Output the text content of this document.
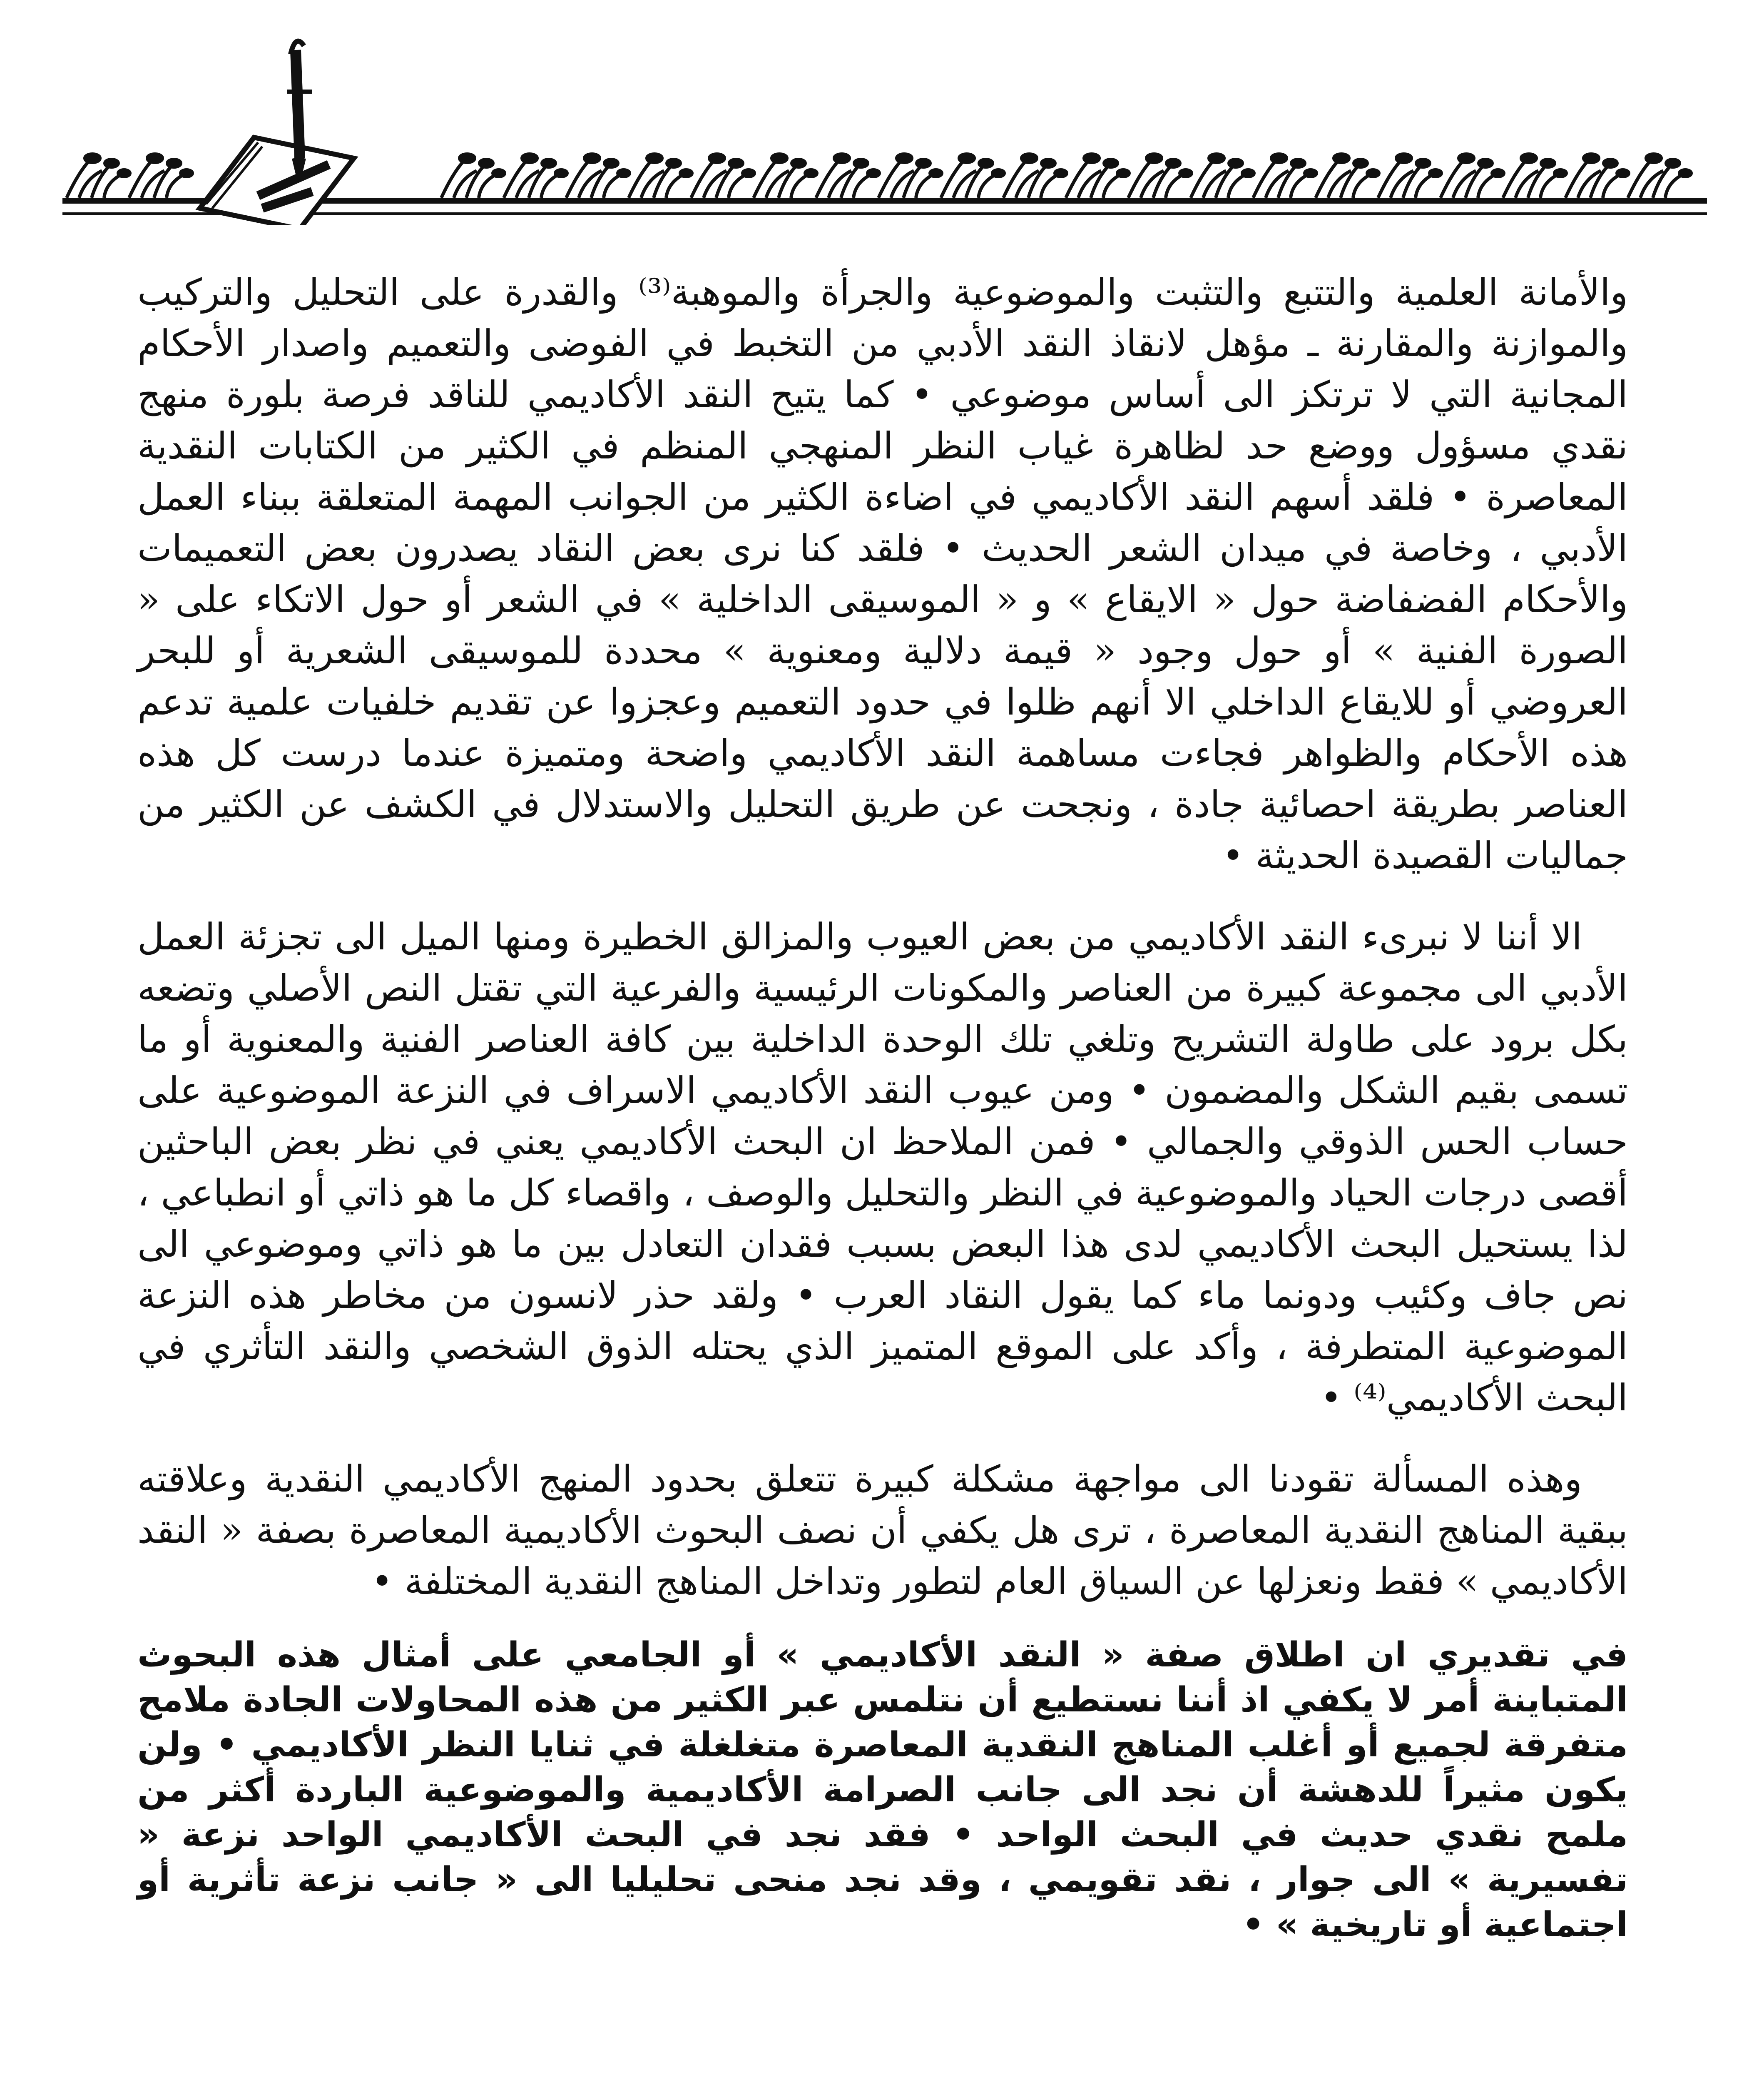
والأمانة العلمية والتتبع والتثبت والموضوعية والجرأة والموهبة⁽³⁾ والقدرة على التحليل والتركيب والموازنة والمقارنة ـ مؤهل لانقاذ النقد الأدبي من التخبط في الفوضى والتعميم واصدار الأحكام المجانية التي لا ترتكز الى أساس موضوعي • كما يتيح النقد الأكاديمي للناقد فرصة بلورة منهج نقدي مسؤول ووضع حد لظاهرة غياب النظر المنهجي المنظم في الكثير من الكتابات النقدية المعاصرة • فلقد أسهم النقد الأكاديمي في اضاءة الكثير من الجوانب المهمة المتعلقة ببناء العمل الأدبي ، وخاصة في ميدان الشعر الحديث • فلقد كنا نرى بعض النقاد يصدرون بعض التعميمات والأحكام الفضفاضة حول « الايقاع » و « الموسيقى الداخلية » في الشعر أو حول الاتكاء على « الصورة الفنية » أو حول وجود « قيمة دلالية ومعنوية » محددة للموسيقى الشعرية أو للبحر العروضي أو للايقاع الداخلي الا أنهم ظلوا في حدود التعميم وعجزوا عن تقديم خلفيات علمية تدعم هذه الأحكام والظواهر فجاءت مساهمة النقد الأكاديمي واضحة ومتميزة عندما درست كل هذه العناصر بطريقة احصائية جادة ، ونجحت عن طريق التحليل والاستدلال في الكشف عن الكثير من جماليات القصيدة الحديثة •

الا أننا لا نبرىء النقد الأكاديمي من بعض العيوب والمزالق الخطيرة ومنها الميل الى تجزئة العمل الأدبي الى مجموعة كبيرة من العناصر والمكونات الرئيسية والفرعية التي تقتل النص الأصلي وتضعه بكل برود على طاولة التشريح وتلغي تلك الوحدة الداخلية بين كافة العناصر الفنية والمعنوية أو ما تسمى بقيم الشكل والمضمون • ومن عيوب النقد الأكاديمي الاسراف في النزعة الموضوعية على حساب الحس الذوقي والجمالي • فمن الملاحظ ان البحث الأكاديمي يعني في نظر بعض الباحثين أقصى درجات الحياد والموضوعية في النظر والتحليل والوصف ، واقصاء كل ما هو ذاتي أو انطباعي ، لذا يستحيل البحث الأكاديمي لدى هذا البعض بسبب فقدان التعادل بين ما هو ذاتي وموضوعي الى نص جاف وكئيب ودونما ماء كما يقول النقاد العرب • ولقد حذر لانسون من مخاطر هذه النزعة الموضوعية المتطرفة ، وأكد على الموقع المتميز الذي يحتله الذوق الشخصي والنقد التأثري في البحث الأكاديمي⁽⁴⁾ •

وهذه المسألة تقودنا الى مواجهة مشكلة كبيرة تتعلق بحدود المنهج الأكاديمي النقدية وعلاقته ببقية المناهج النقدية المعاصرة ، ترى هل يكفي أن نصف البحوث الأكاديمية المعاصرة بصفة « النقد الأكاديمي » فقط ونعزلها عن السياق العام لتطور وتداخل المناهج النقدية المختلفة •

في تقديري ان اطلاق صفة « النقد الأكاديمي » أو الجامعي على أمثال هذه البحوث المتباينة أمر لا يكفي اذ أننا نستطيع أن نتلمس عبر الكثير من هذه المحاولات الجادة ملامح متفرقة لجميع أو أغلب المناهج النقدية المعاصرة متغلغلة في ثنايا النظر الأكاديمي • ولن يكون مثيراً للدهشة أن نجد الى جانب الصرامة الأكاديمية والموضوعية الباردة أكثر من ملمح نقدي حديث في البحث الواحد • فقد نجد في البحث الأكاديمي الواحد نزعة « تفسيرية » الى جوار ، نقد تقويمي ، وقد نجد منحى تحليليا الى « جانب نزعة تأثرية أو اجتماعية أو تاريخية » •
